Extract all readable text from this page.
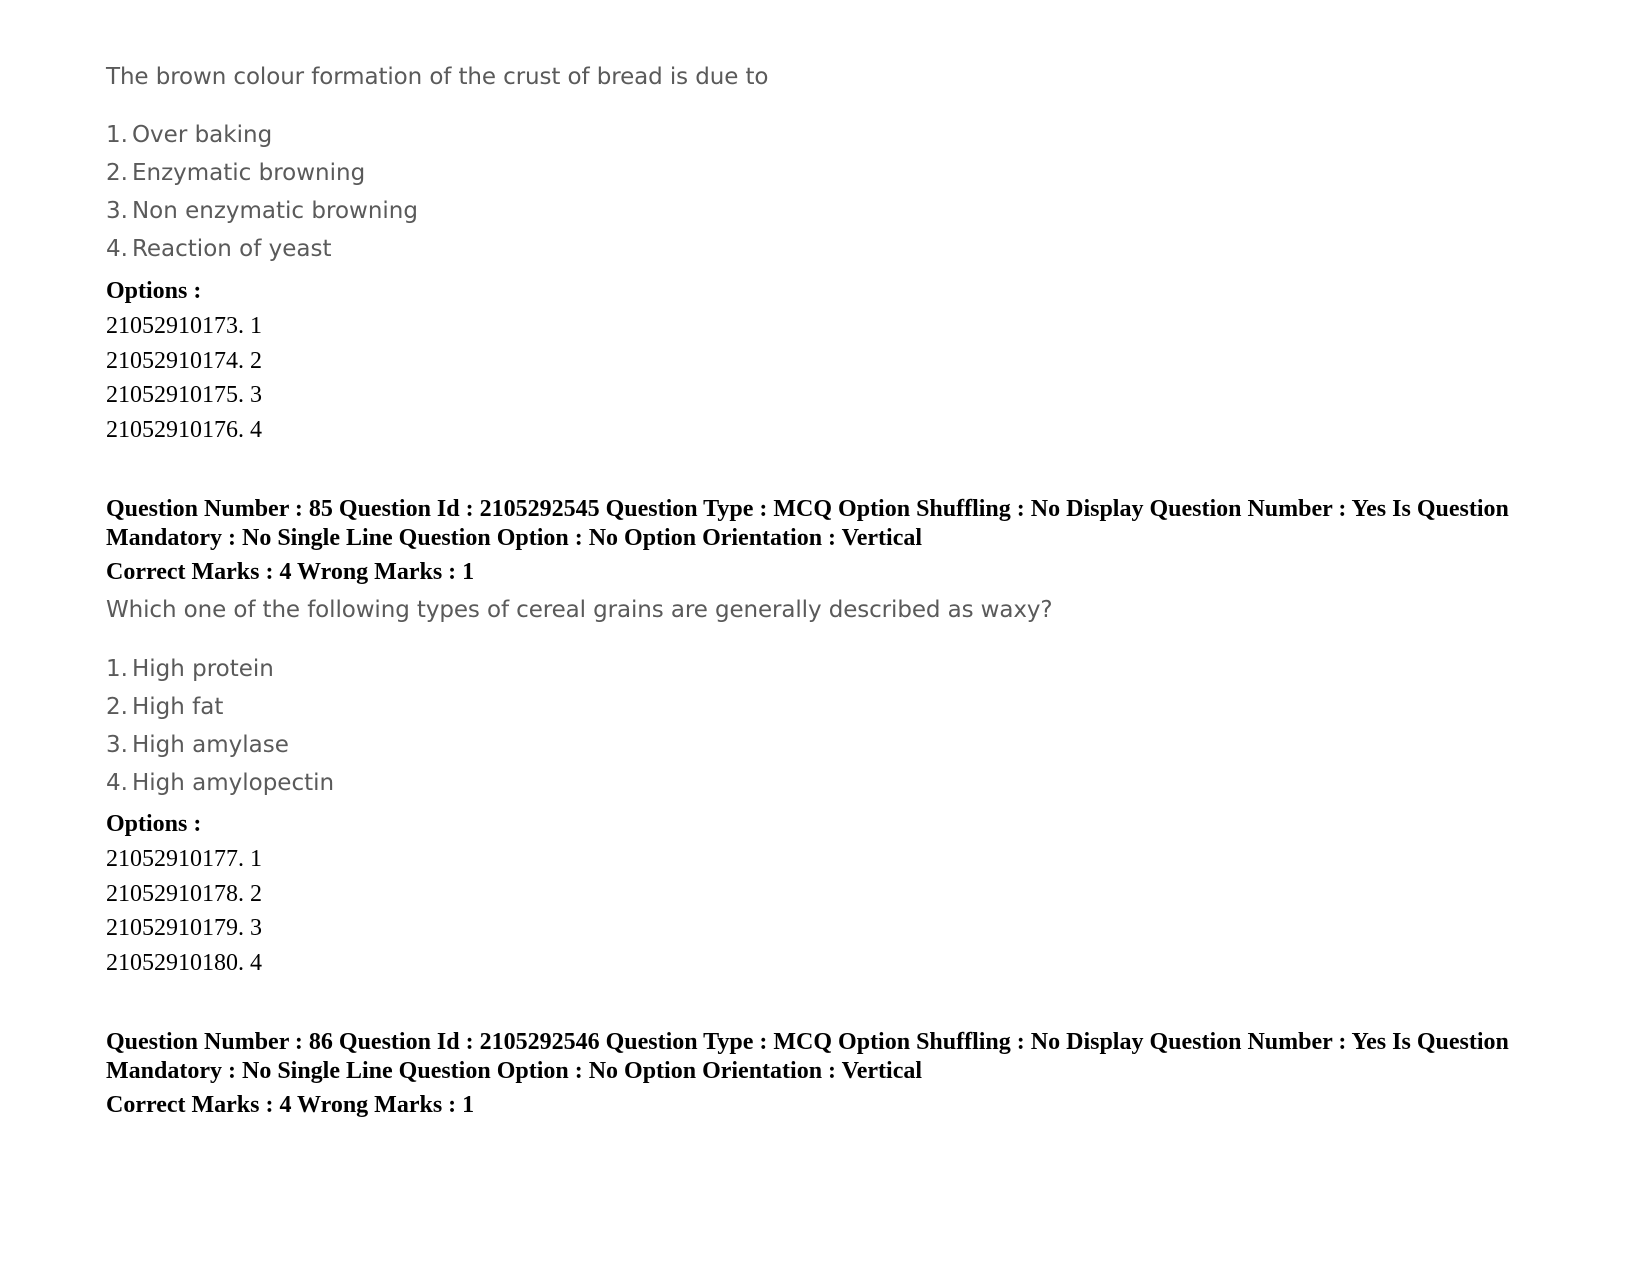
The brown colour formation of the crust of bread is due to
1. Over baking
2. Enzymatic browning
3. Non enzymatic browning
4. Reaction of yeast
Options :
21052910173. 1
21052910174. 2
21052910175. 3
21052910176. 4
Question Number : 85 Question Id : 2105292545 Question Type : MCQ Option Shuffling : No Display Question Number : Yes Is Question Mandatory : No Single Line Question Option : No Option Orientation : Vertical
Correct Marks : 4 Wrong Marks : 1
Which one of the following types of cereal grains are generally described as waxy?
1. High protein
2. High fat
3. High amylase
4. High amylopectin
Options :
21052910177. 1
21052910178. 2
21052910179. 3
21052910180. 4
Question Number : 86 Question Id : 2105292546 Question Type : MCQ Option Shuffling : No Display Question Number : Yes Is Question Mandatory : No Single Line Question Option : No Option Orientation : Vertical
Correct Marks : 4 Wrong Marks : 1
